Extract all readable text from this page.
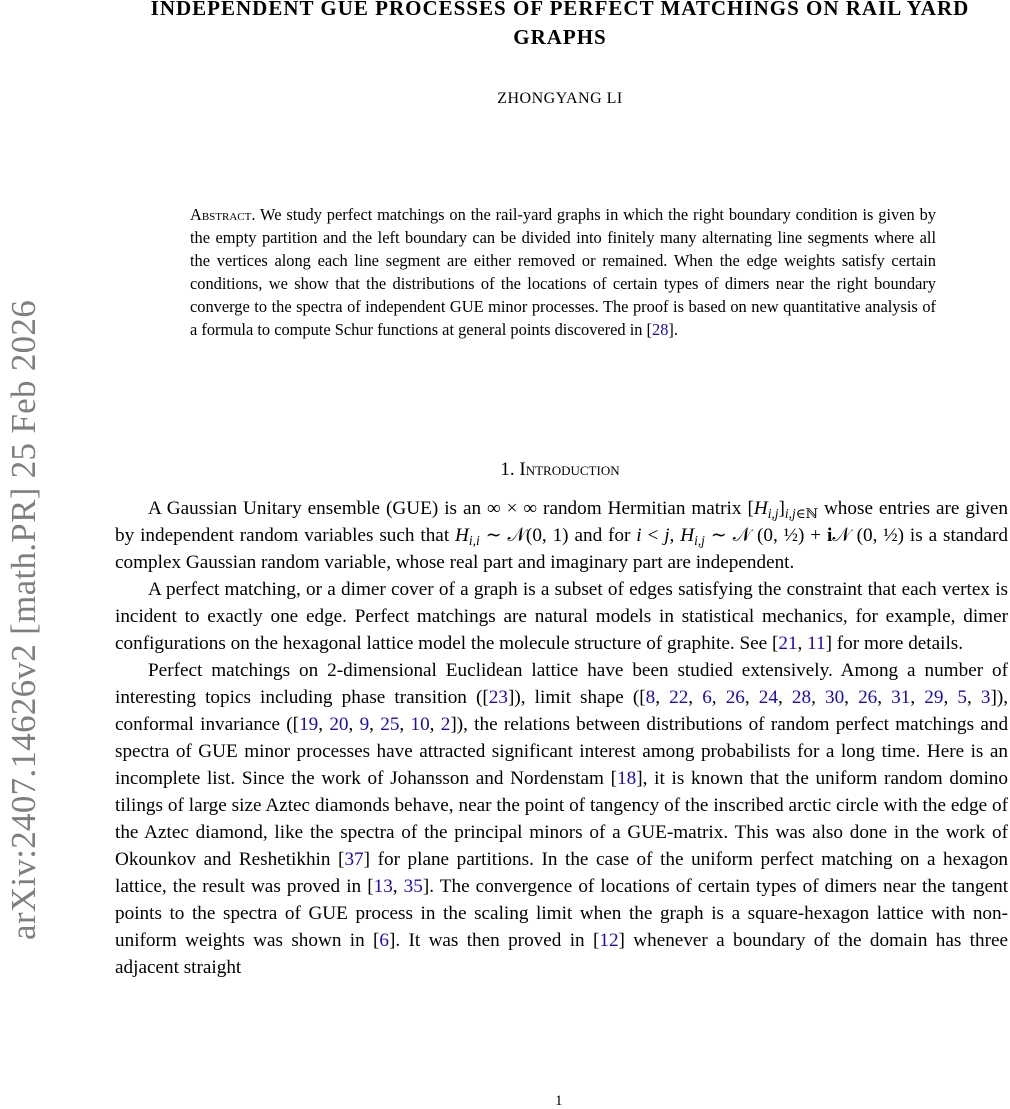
arXiv:2407.14626v2 [math.PR] 25 Feb 2026
INDEPENDENT GUE PROCESSES OF PERFECT MATCHINGS ON RAIL YARD GRAPHS
ZHONGYANG LI
Abstract. We study perfect matchings on the rail-yard graphs in which the right boundary condition is given by the empty partition and the left boundary can be divided into finitely many alternating line segments where all the vertices along each line segment are either removed or remained. When the edge weights satisfy certain conditions, we show that the distributions of the locations of certain types of dimers near the right boundary converge to the spectra of independent GUE minor processes. The proof is based on new quantitative analysis of a formula to compute Schur functions at general points discovered in [28].
1. Introduction

A Gaussian Unitary ensemble (GUE) is an ∞ × ∞ random Hermitian matrix $[H_{i,j}]_{i,j\in ℕ}$ whose entries are given by independent random variables such that $H_{i,i}$ ∼ 𝒩(0, 1) and for i < j, $H_{i,j}$ ∼ 𝒩 (0, ½) + i𝒩 (0, ½) is a standard complex Gaussian random variable, whose real part and imaginary part are independent.

A perfect matching, or a dimer cover of a graph is a subset of edges satisfying the constraint that each vertex is incident to exactly one edge. Perfect matchings are natural models in statistical mechanics, for example, dimer configurations on the hexagonal lattice model the molecule structure of graphite. See [21, 11] for more details.

Perfect matchings on 2-dimensional Euclidean lattice have been studied extensively. Among a number of interesting topics including phase transition ([23]), limit shape ([8, 22, 6, 26, 24, 28, 30, 26, 31, 29, 5, 3]), conformal invariance ([19, 20, 9, 25, 10, 2]), the relations between distributions of random perfect matchings and spectra of GUE minor processes have attracted significant interest among probabilists for a long time. Here is an incomplete list. Since the work of Johansson and Nordenstam [18], it is known that the uniform random domino tilings of large size Aztec diamonds behave, near the point of tangency of the inscribed arctic circle with the edge of the Aztec diamond, like the spectra of the principal minors of a GUE-matrix. This was also done in the work of Okounkov and Reshetikhin [37] for plane partitions. In the case of the uniform perfect matching on a hexagon lattice, the result was proved in [13, 35]. The convergence of locations of certain types of dimers near the tangent points to the spectra of GUE process in the scaling limit when the graph is a square-hexagon lattice with non-uniform weights was shown in [6]. It was then proved in [12] whenever a boundary of the domain has three adjacent straight

1
